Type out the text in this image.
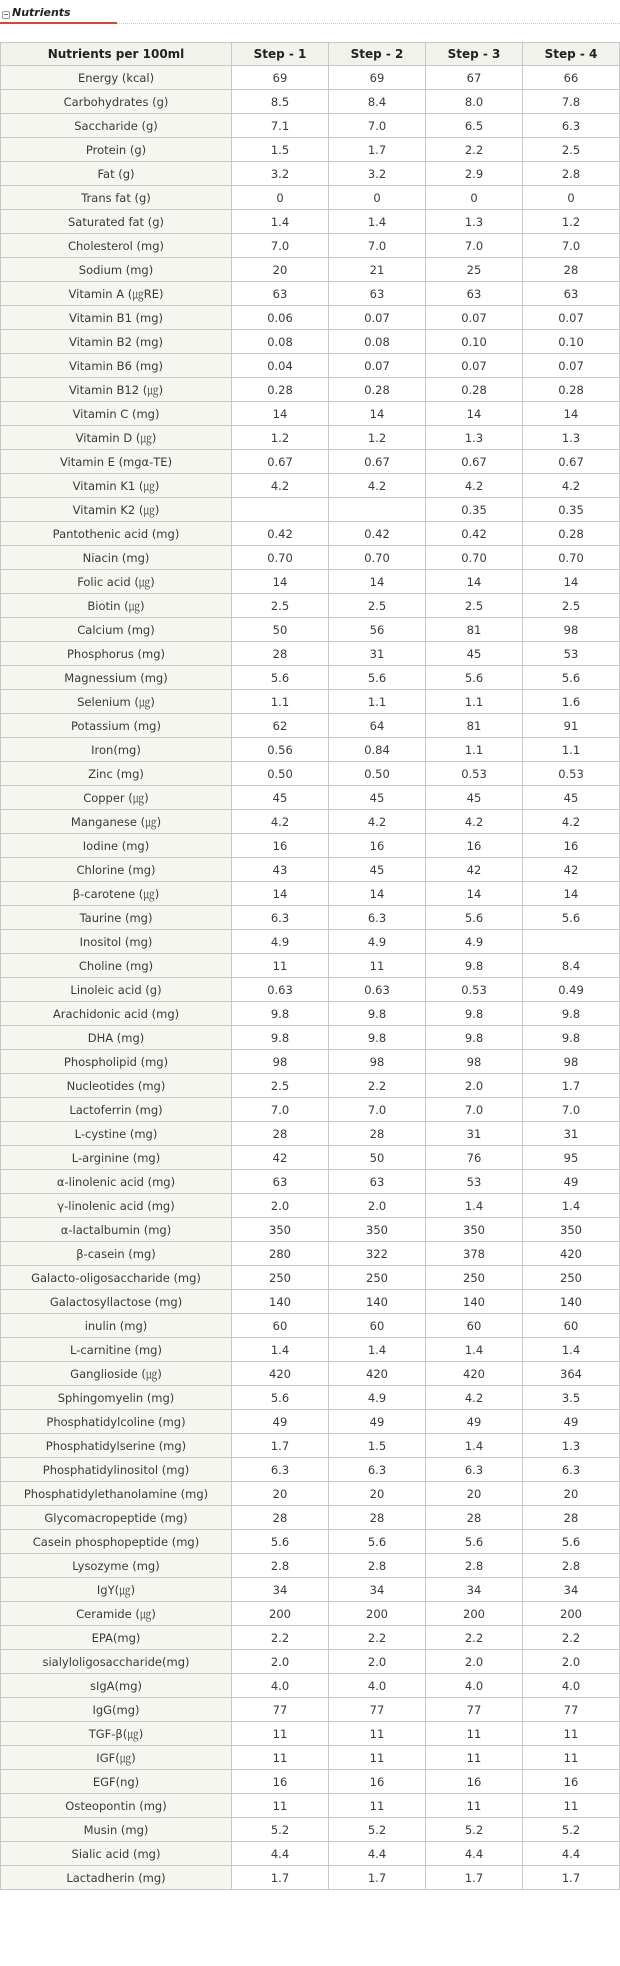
Nutrients
Nutrients per 100ml	Step - 1	Step - 2	Step - 3	Step - 4
Energy (kcal)	69	69	67	66
Carbohydrates (g)	8.5	8.4	8.0	7.8
Saccharide (g)	7.1	7.0	6.5	6.3
Protein (g)	1.5	1.7	2.2	2.5
Fat (g)	3.2	3.2	2.9	2.8
Trans fat (g)	0	0	0	0
Saturated fat (g)	1.4	1.4	1.3	1.2
Cholesterol (mg)	7.0	7.0	7.0	7.0
Sodium (mg)	20	21	25	28
Vitamin A (㎍RE)	63	63	63	63
Vitamin B1 (mg)	0.06	0.07	0.07	0.07
Vitamin B2 (mg)	0.08	0.08	0.10	0.10
Vitamin B6 (mg)	0.04	0.07	0.07	0.07
Vitamin B12 (㎍)	0.28	0.28	0.28	0.28
Vitamin C (mg)	14	14	14	14
Vitamin D (㎍)	1.2	1.2	1.3	1.3
Vitamin E (mgα-TE)	0.67	0.67	0.67	0.67
Vitamin K1 (㎍)	4.2	4.2	4.2	4.2
Vitamin K2 (㎍)			0.35	0.35
Pantothenic acid (mg)	0.42	0.42	0.42	0.28
Niacin (mg)	0.70	0.70	0.70	0.70
Folic acid (㎍)	14	14	14	14
Biotin (㎍)	2.5	2.5	2.5	2.5
Calcium (mg)	50	56	81	98
Phosphorus (mg)	28	31	45	53
Magnessium (mg)	5.6	5.6	5.6	5.6
Selenium (㎍)	1.1	1.1	1.1	1.6
Potassium (mg)	62	64	81	91
Iron(mg)	0.56	0.84	1.1	1.1
Zinc (mg)	0.50	0.50	0.53	0.53
Copper (㎍)	45	45	45	45
Manganese (㎍)	4.2	4.2	4.2	4.2
Iodine (mg)	16	16	16	16
Chlorine (mg)	43	45	42	42
β-carotene (㎍)	14	14	14	14
Taurine (mg)	6.3	6.3	5.6	5.6
Inositol (mg)	4.9	4.9	4.9	
Choline (mg)	11	11	9.8	8.4
Linoleic acid (g)	0.63	0.63	0.53	0.49
Arachidonic acid (mg)	9.8	9.8	9.8	9.8
DHA (mg)	9.8	9.8	9.8	9.8
Phospholipid (mg)	98	98	98	98
Nucleotides (mg)	2.5	2.2	2.0	1.7
Lactoferrin (mg)	7.0	7.0	7.0	7.0
L-cystine (mg)	28	28	31	31
L-arginine (mg)	42	50	76	95
α-linolenic acid (mg)	63	63	53	49
γ-linolenic acid (mg)	2.0	2.0	1.4	1.4
α-lactalbumin (mg)	350	350	350	350
β-casein (mg)	280	322	378	420
Galacto-oligosaccharide (mg)	250	250	250	250
Galactosyllactose (mg)	140	140	140	140
inulin (mg)	60	60	60	60
L-carnitine (mg)	1.4	1.4	1.4	1.4
Ganglioside (㎍)	420	420	420	364
Sphingomyelin (mg)	5.6	4.9	4.2	3.5
Phosphatidylcoline (mg)	49	49	49	49
Phosphatidylserine (mg)	1.7	1.5	1.4	1.3
Phosphatidylinositol (mg)	6.3	6.3	6.3	6.3
Phosphatidylethanolamine (mg)	20	20	20	20
Glycomacropeptide (mg)	28	28	28	28
Casein phosphopeptide (mg)	5.6	5.6	5.6	5.6
Lysozyme (mg)	2.8	2.8	2.8	2.8
IgY(㎍)	34	34	34	34
Ceramide (㎍)	200	200	200	200
EPA(mg)	2.2	2.2	2.2	2.2
sialyloligosaccharide(mg)	2.0	2.0	2.0	2.0
sIgA(mg)	4.0	4.0	4.0	4.0
IgG(mg)	77	77	77	77
TGF-β(㎍)	11	11	11	11
IGF(㎍)	11	11	11	11
EGF(ng)	16	16	16	16
Osteopontin (mg)	11	11	11	11
Musin (mg)	5.2	5.2	5.2	5.2
Sialic acid (mg)	4.4	4.4	4.4	4.4
Lactadherin (mg)	1.7	1.7	1.7	1.7
